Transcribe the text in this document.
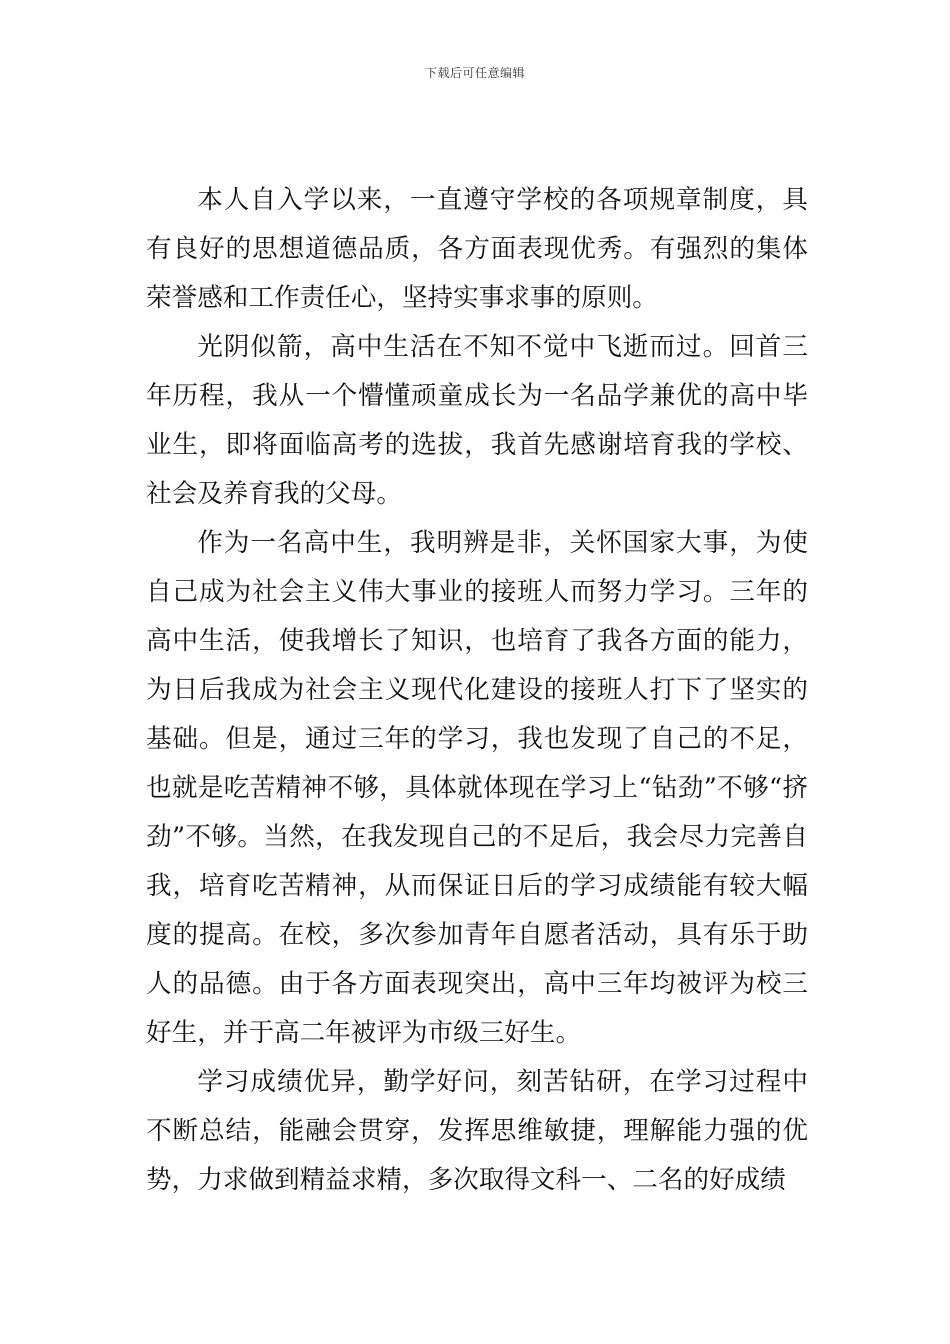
下载后可任意编辑

本人自入学以来，一直遵守学校的各项规章制度，具有良好的思想道德品质，各方面表现优秀。有强烈的集体荣誉感和工作责任心，坚持实事求事的原则。

光阴似箭，高中生活在不知不觉中飞逝而过。回首三年历程，我从一个懵懂顽童成长为一名品学兼优的高中毕业生，即将面临高考的选拔，我首先感谢培育我的学校、社会及养育我的父母。

作为一名高中生，我明辨是非，关怀国家大事，为使自己成为社会主义伟大事业的接班人而努力学习。三年的高中生活，使我增长了知识，也培育了我各方面的能力，为日后我成为社会主义现代化建设的接班人打下了坚实的基础。但是，通过三年的学习，我也发现了自己的不足，也就是吃苦精神不够，具体就体现在学习上“钻劲”不够“挤劲”不够。当然，在我发现自己的不足后，我会尽力完善自我，培育吃苦精神，从而保证日后的学习成绩能有较大幅度的提高。在校，多次参加青年自愿者活动，具有乐于助人的品德。由于各方面表现突出，高中三年均被评为校三好生，并于高二年被评为市级三好生。

学习成绩优异，勤学好问，刻苦钻研，在学习过程中不断总结，能融会贯穿，发挥思维敏捷，理解能力强的优势，力求做到精益求精，多次取得文科一、二名的好成绩
